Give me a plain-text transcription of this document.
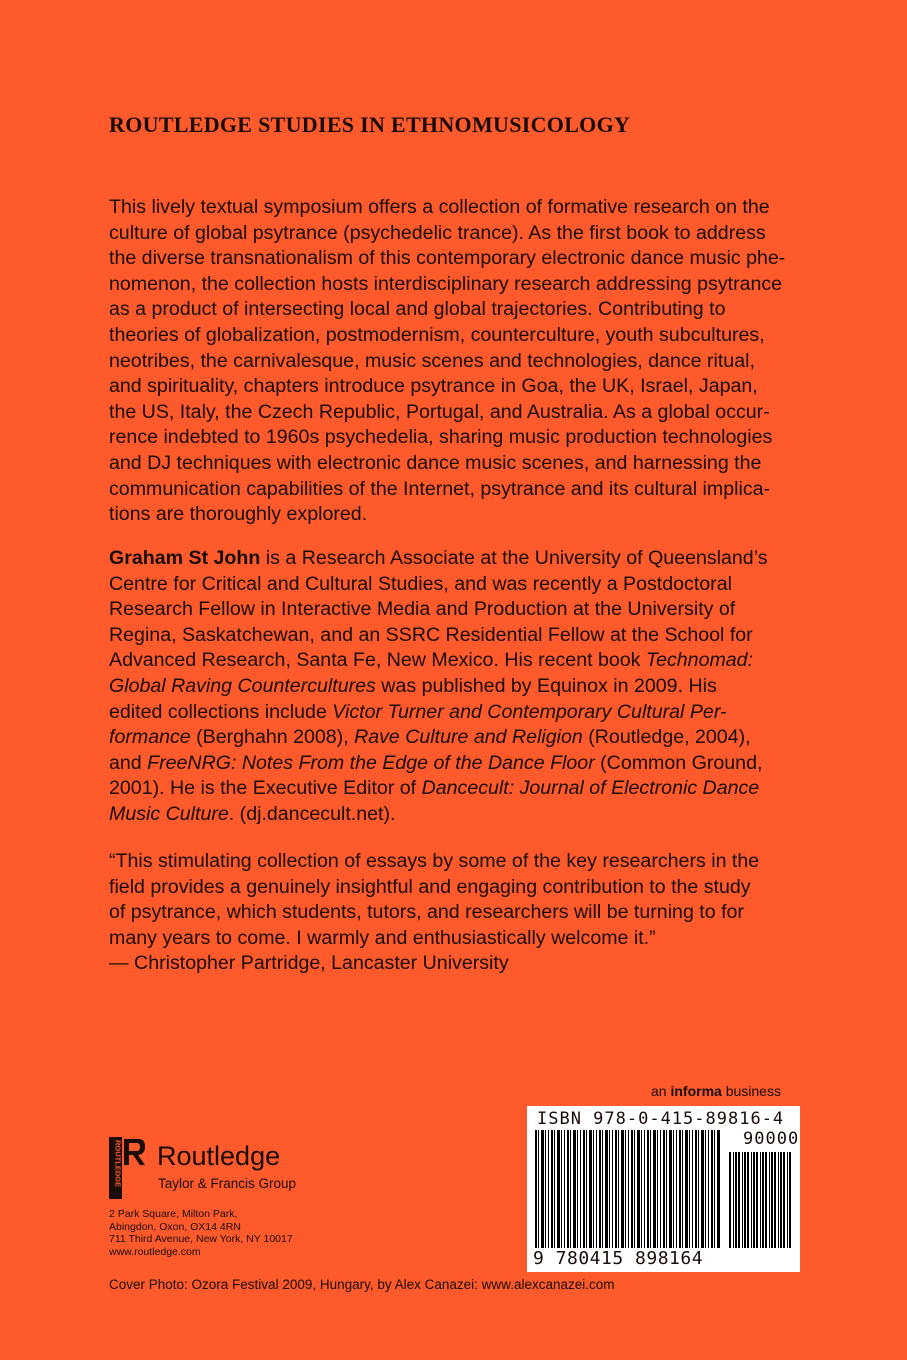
ROUTLEDGE STUDIES IN ETHNOMUSICOLOGY
This lively textual symposium offers a collection of formative research on the
culture of global psytrance (psychedelic trance). As the first book to address
the diverse transnationalism of this contemporary electronic dance music phe-
nomenon, the collection hosts interdisciplinary research addressing psytrance
as a product of intersecting local and global trajectories. Contributing to
theories of globalization, postmodernism, counterculture, youth subcultures,
neotribes, the carnivalesque, music scenes and technologies, dance ritual,
and spirituality, chapters introduce psytrance in Goa, the UK, Israel, Japan,
the US, Italy, the Czech Republic, Portugal, and Australia. As a global occur-
rence indebted to 1960s psychedelia, sharing music production technologies
and DJ techniques with electronic dance music scenes, and harnessing the
communication capabilities of the Internet, psytrance and its cultural implica-
tions are thoroughly explored.
Graham St John is a Research Associate at the University of Queensland’s
Centre for Critical and Cultural Studies, and was recently a Postdoctoral
Research Fellow in Interactive Media and Production at the University of
Regina, Saskatchewan, and an SSRC Residential Fellow at the School for
Advanced Research, Santa Fe, New Mexico. His recent book Technomad:
Global Raving Countercultures was published by Equinox in 2009. His
edited collections include Victor Turner and Contemporary Cultural Per-
formance (Berghahn 2008), Rave Culture and Religion (Routledge, 2004),
and FreeNRG: Notes From the Edge of the Dance Floor (Common Ground,
2001). He is the Executive Editor of Dancecult: Journal of Electronic Dance
Music Culture. (dj.dancecult.net).
“This stimulating collection of essays by some of the key researchers in the
field provides a genuinely insightful and engaging contribution to the study
of psytrance, which students, tutors, and researchers will be turning to for
many years to come. I warmly and enthusiastically welcome it.”
— Christopher Partridge, Lancaster University
an informa business
ISBN 978-0-415-89816-4
90000
9 780415 898164
ROUTLEDGE Routledge
Taylor & Francis Group
2 Park Square, Milton Park,
Abingdon, Oxon, OX14 4RN
711 Third Avenue, New York, NY 10017
www.routledge.com
Cover Photo: Ozora Festival 2009, Hungary, by Alex Canazei: www.alexcanazei.com
